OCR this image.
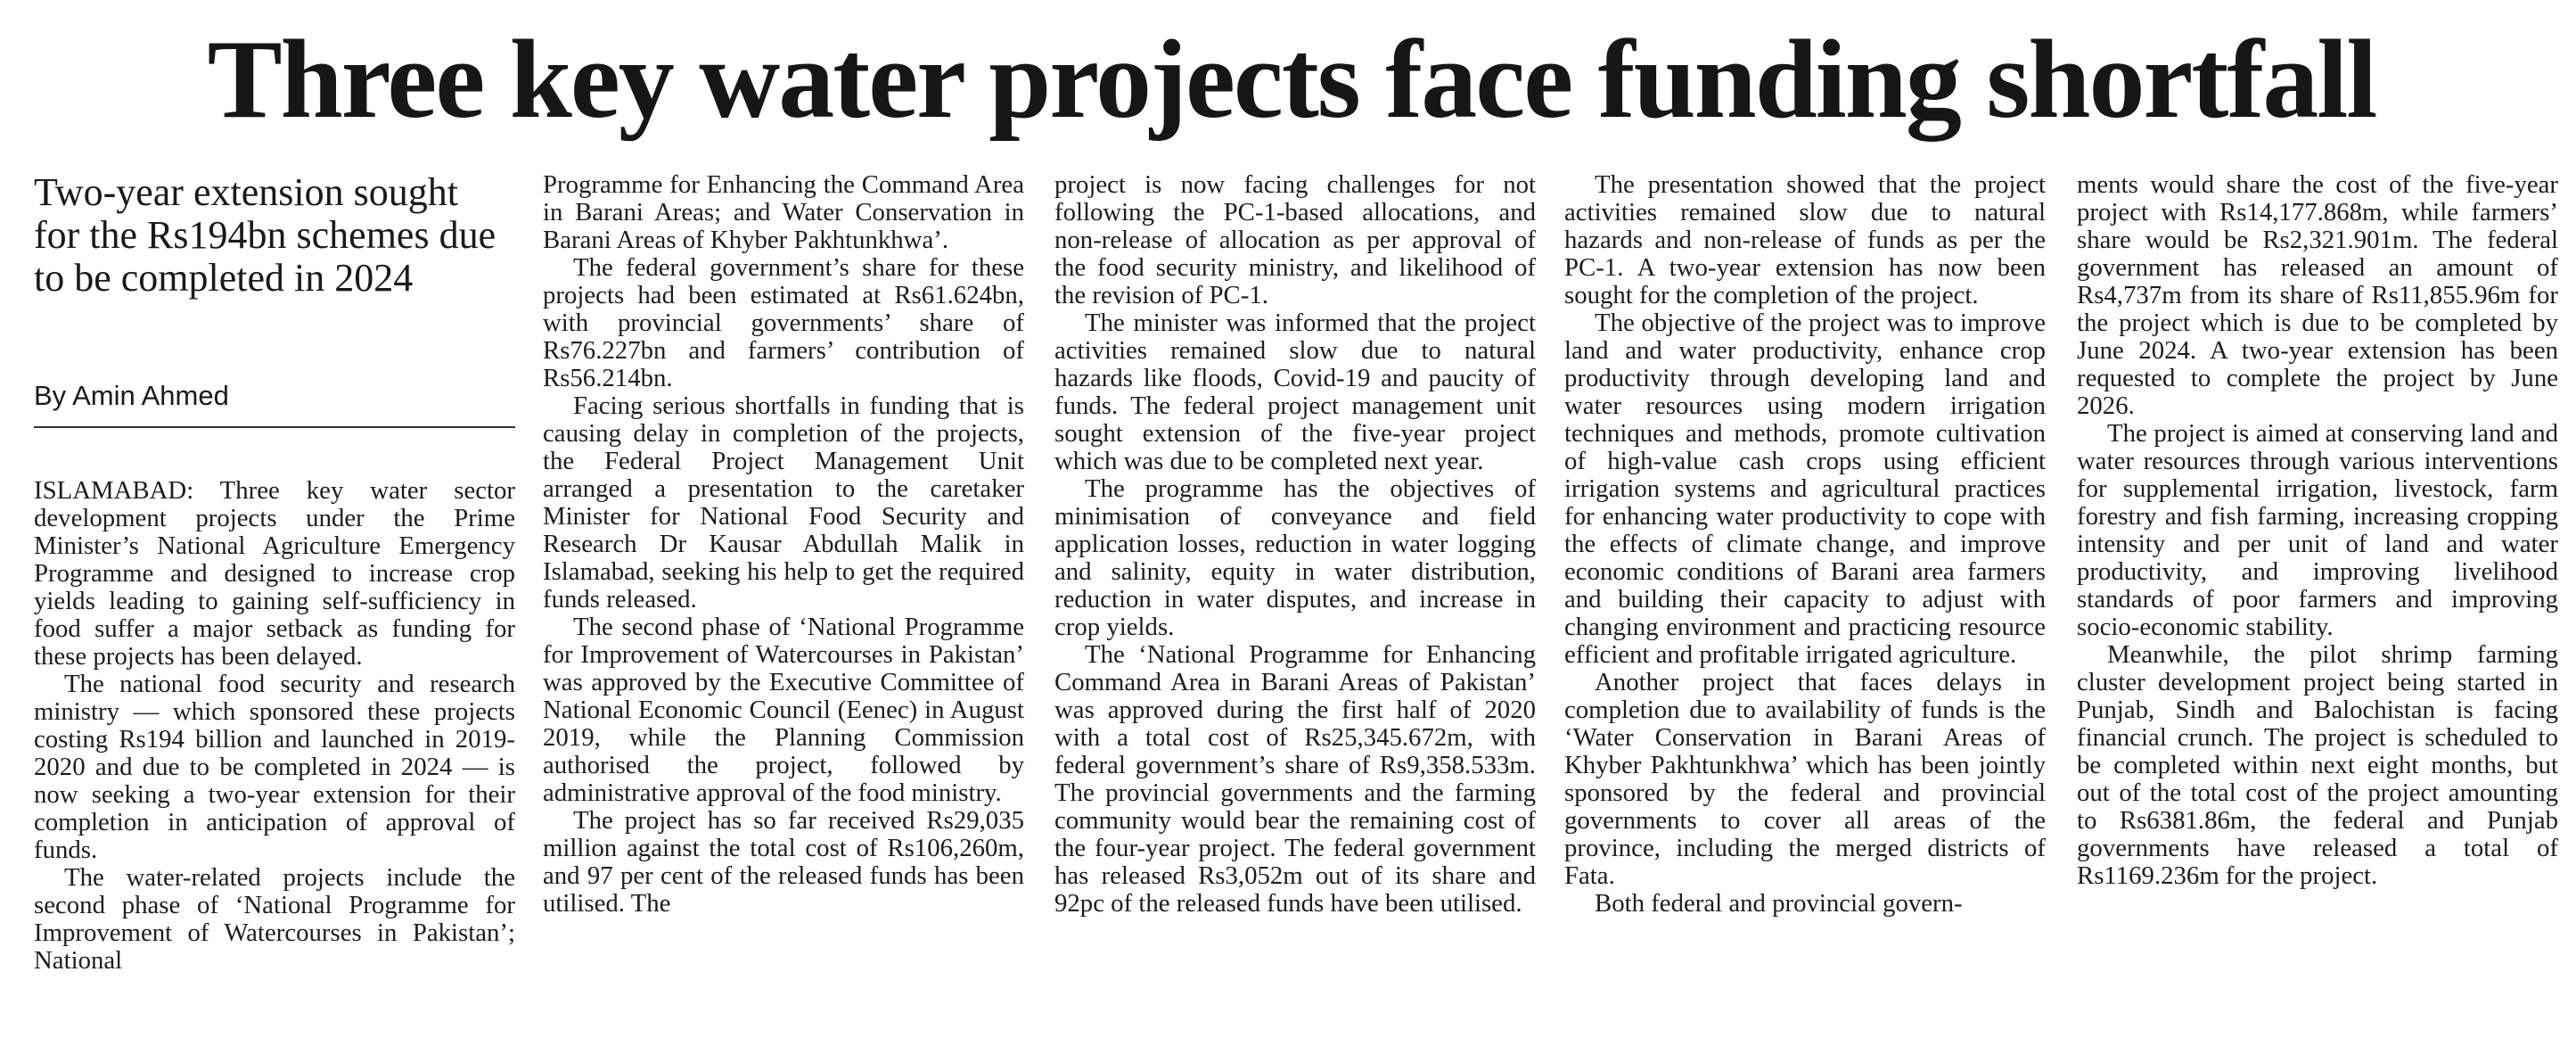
Three key water projects face funding shortfall
Two-year extension sought for the Rs194bn schemes due to be completed in 2024
By Amin Ahmed

ISLAMABAD: Three key water sector development projects under the Prime Minister’s National Agriculture Emergency Programme and designed to increase crop yields leading to gaining self-sufficiency in food suffer a major setback as funding for these projects has been delayed.

The national food security and research ministry — which sponsored these projects costing Rs194 billion and launched in 2019-2020 and due to be completed in 2024 — is now seeking a two-year extension for their completion in anticipation of approval of funds.

The water-related projects include the second phase of ‘National Programme for Improvement of Watercourses in Pakistan’; National

Programme for Enhancing the Command Area in Barani Areas; and Water Conservation in Barani Areas of Khyber Pakhtunkhwa’.

The federal government’s share for these projects had been estimated at Rs61.624bn, with provincial governments’ share of Rs76.227bn and farmers’ contribution of Rs56.214bn.

Facing serious shortfalls in funding that is causing delay in completion of the projects, the Federal Project Management Unit arranged a presentation to the caretaker Minister for National Food Security and Research Dr Kausar Abdullah Malik in Islamabad, seeking his help to get the required funds released.

The second phase of ‘National Programme for Improvement of Watercourses in Pakistan’ was approved by the Executive Committee of National Economic Council (Eenec) in August 2019, while the Planning Commission authorised the project, followed by administrative approval of the food ministry.

The project has so far received Rs29,035 million against the total cost of Rs106,260m, and 97 per cent of the released funds has been utilised. The

project is now facing challenges for not following the PC-1-based allocations, and non-release of allocation as per approval of the food security ministry, and likelihood of the revision of PC-1.

The minister was informed that the project activities remained slow due to natural hazards like floods, Covid-19 and paucity of funds. The federal project management unit sought extension of the five-year project which was due to be completed next year.

The programme has the objectives of minimisation of conveyance and field application losses, reduction in water logging and salinity, equity in water distribution, reduction in water disputes, and increase in crop yields.

The ‘National Programme for Enhancing Command Area in Barani Areas of Pakistan’ was approved during the first half of 2020 with a total cost of Rs25,345.672m, with federal government’s share of Rs9,358.533m. The provincial governments and the farming community would bear the remaining cost of the four-year project. The federal government has released Rs3,052m out of its share and 92pc of the released funds have been utilised.

The presentation showed that the project activities remained slow due to natural hazards and non-release of funds as per the PC-1. A two-year extension has now been sought for the completion of the project.

The objective of the project was to improve land and water productivity, enhance crop productivity through developing land and water resources using modern irrigation techniques and methods, promote cultivation of high-value cash crops using efficient irrigation systems and agricultural practices for enhancing water productivity to cope with the effects of climate change, and improve economic conditions of Barani area farmers and building their capacity to adjust with changing environment and practicing resource efficient and profitable irrigated agriculture.

Another project that faces delays in completion due to availability of funds is the ‘Water Conservation in Barani Areas of Khyber Pakhtunkhwa’ which has been jointly sponsored by the federal and provincial governments to cover all areas of the province, including the merged districts of Fata.

Both federal and provincial govern-

ments would share the cost of the five-year project with Rs14,177.868m, while farmers’ share would be Rs2,321.901m. The federal government has released an amount of Rs4,737m from its share of Rs11,855.96m for the project which is due to be completed by June 2024. A two-year extension has been requested to complete the project by June 2026.

The project is aimed at conserving land and water resources through various interventions for supplemental irrigation, livestock, farm forestry and fish farming, increasing cropping intensity and per unit of land and water productivity, and improving livelihood standards of poor farmers and improving socio-economic stability.

Meanwhile, the pilot shrimp farming cluster development project being started in Punjab, Sindh and Balochistan is facing financial crunch. The project is scheduled to be completed within next eight months, but out of the total cost of the project amounting to Rs6381.86m, the federal and Punjab governments have released a total of Rs1169.236m for the project.
